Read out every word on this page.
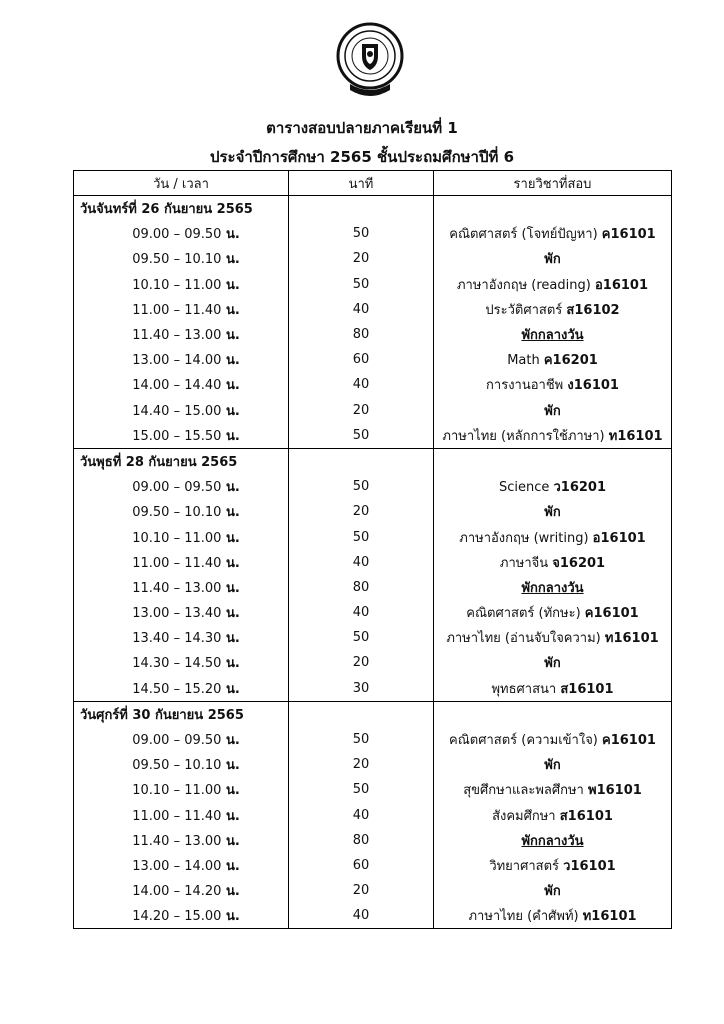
ตารางสอบปลายภาคเรียนที่ 1
ประจำปีการศึกษา 2565 ชั้นประถมศึกษาปีที่ 6
วัน / เวลา	นาที	รายวิชาที่สอบ
วันจันทร์ที่ 26 กันยายน 2565		
09.00 – 09.50 น.	50	คณิตศาสตร์ (โจทย์ปัญหา) ค16101
09.50 – 10.10 น.	20	พัก
10.10 – 11.00 น.	50	ภาษาอังกฤษ (reading) อ16101
11.00 – 11.40 น.	40	ประวัติศาสตร์ ส16102
11.40 – 13.00 น.	80	พักกลางวัน
13.00 – 14.00 น.	60	Math ค16201
14.00 – 14.40 น.	40	การงานอาชีพ ง16101
14.40 – 15.00 น.	20	พัก
15.00 – 15.50 น.	50	ภาษาไทย (หลักการใช้ภาษา) ท16101
วันพุธที่ 28 กันยายน 2565		
09.00 – 09.50 น.	50	Science ว16201
09.50 – 10.10 น.	20	พัก
10.10 – 11.00 น.	50	ภาษาอังกฤษ (writing) อ16101
11.00 – 11.40 น.	40	ภาษาจีน จ16201
11.40 – 13.00 น.	80	พักกลางวัน
13.00 – 13.40 น.	40	คณิตศาสตร์ (ทักษะ) ค16101
13.40 – 14.30 น.	50	ภาษาไทย (อ่านจับใจความ) ท16101
14.30 – 14.50 น.	20	พัก
14.50 – 15.20 น.	30	พุทธศาสนา ส16101
วันศุกร์ที่ 30 กันยายน 2565		
09.00 – 09.50 น.	50	คณิตศาสตร์ (ความเข้าใจ) ค16101
09.50 – 10.10 น.	20	พัก
10.10 – 11.00 น.	50	สุขศึกษาและพลศึกษา พ16101
11.00 – 11.40 น.	40	สังคมศึกษา ส16101
11.40 – 13.00 น.	80	พักกลางวัน
13.00 – 14.00 น.	60	วิทยาศาสตร์ ว16101
14.00 – 14.20 น.	20	พัก
14.20 – 15.00 น.	40	ภาษาไทย (คำศัพท์) ท16101
